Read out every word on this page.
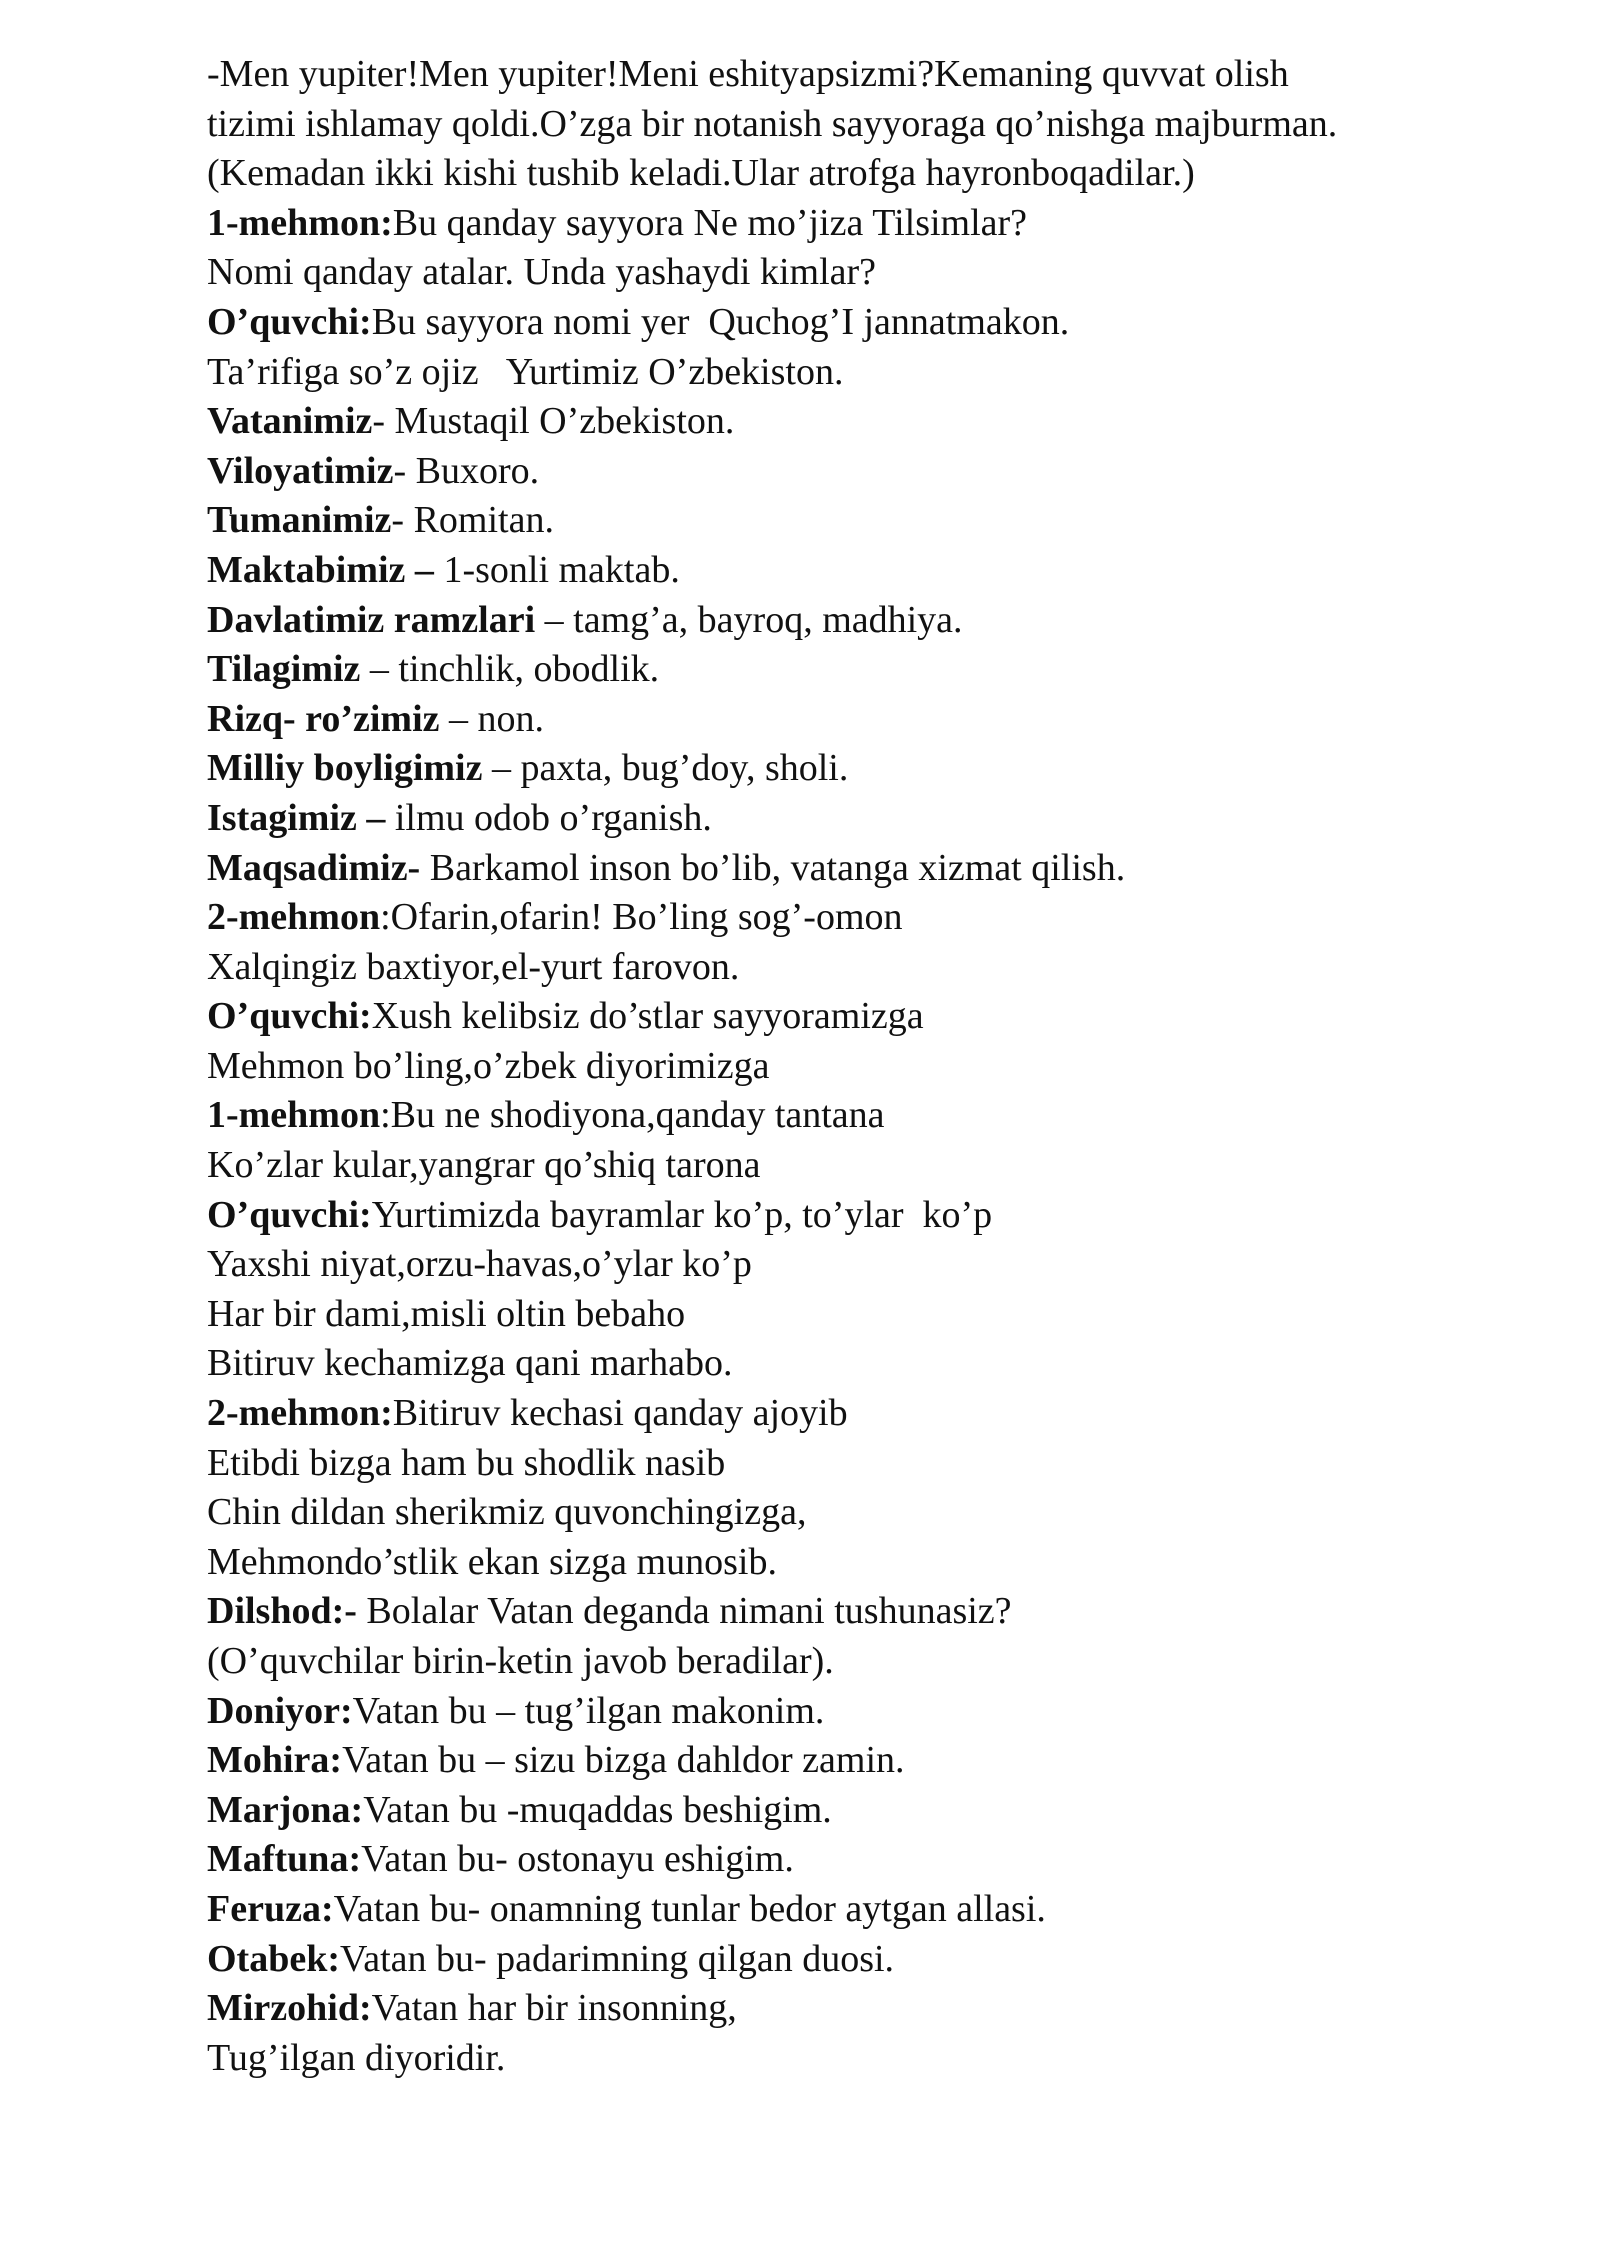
-Men yupiter!Men yupiter!Meni eshityapsizmi?Kemaning quvvat olish
tizimi ishlamay qoldi.O’zga bir notanish sayyoraga qo’nishga majburman.
(Kemadan ikki kishi tushib keladi.Ular atrofga hayronboqadilar.)
1-mehmon:Bu qanday sayyora Ne mo’jiza Tilsimlar?
Nomi qanday atalar. Unda yashaydi kimlar?
O’quvchi:Bu sayyora nomi yer  Quchog’I jannatmakon.
Ta’rifiga so’z ojiz   Yurtimiz O’zbekiston.
Vatanimiz- Mustaqil O’zbekiston.
Viloyatimiz- Buxoro.
Tumanimiz- Romitan.
Maktabimiz – 1-sonli maktab.
Davlatimiz ramzlari – tamg’a, bayroq, madhiya.
Tilagimiz – tinchlik, obodlik.
Rizq- ro’zimiz – non.
Milliy boyligimiz – paxta, bug’doy, sholi.
Istagimiz – ilmu odob o’rganish.
Maqsadimiz- Barkamol inson bo’lib, vatanga xizmat qilish.
2-mehmon:Ofarin,ofarin! Bo’ling sog’-omon
Xalqingiz baxtiyor,el-yurt farovon.
O’quvchi:Xush kelibsiz do’stlar sayyoramizga
Mehmon bo’ling,o’zbek diyorimizga
1-mehmon:Bu ne shodiyona,qanday tantana
Ko’zlar kular,yangrar qo’shiq tarona
O’quvchi:Yurtimizda bayramlar ko’p, to’ylar  ko’p
Yaxshi niyat,orzu-havas,o’ylar ko’p
Har bir dami,misli oltin bebaho
Bitiruv kechamizga qani marhabo.
2-mehmon:Bitiruv kechasi qanday ajoyib
Etibdi bizga ham bu shodlik nasib
Chin dildan sherikmiz quvonchingizga,
Mehmondo’stlik ekan sizga munosib.
Dilshod:- Bolalar Vatan deganda nimani tushunasiz?
(O’quvchilar birin-ketin javob beradilar).
Doniyor:Vatan bu – tug’ilgan makonim.
Mohira:Vatan bu – sizu bizga dahldor zamin.
Marjona:Vatan bu -muqaddas beshigim.
Maftuna:Vatan bu- ostonayu eshigim.
Feruza:Vatan bu- onamning tunlar bedor aytgan allasi.
Otabek:Vatan bu- padarimning qilgan duosi.
Mirzohid:Vatan har bir insonning,
Tug’ilgan diyoridir.
